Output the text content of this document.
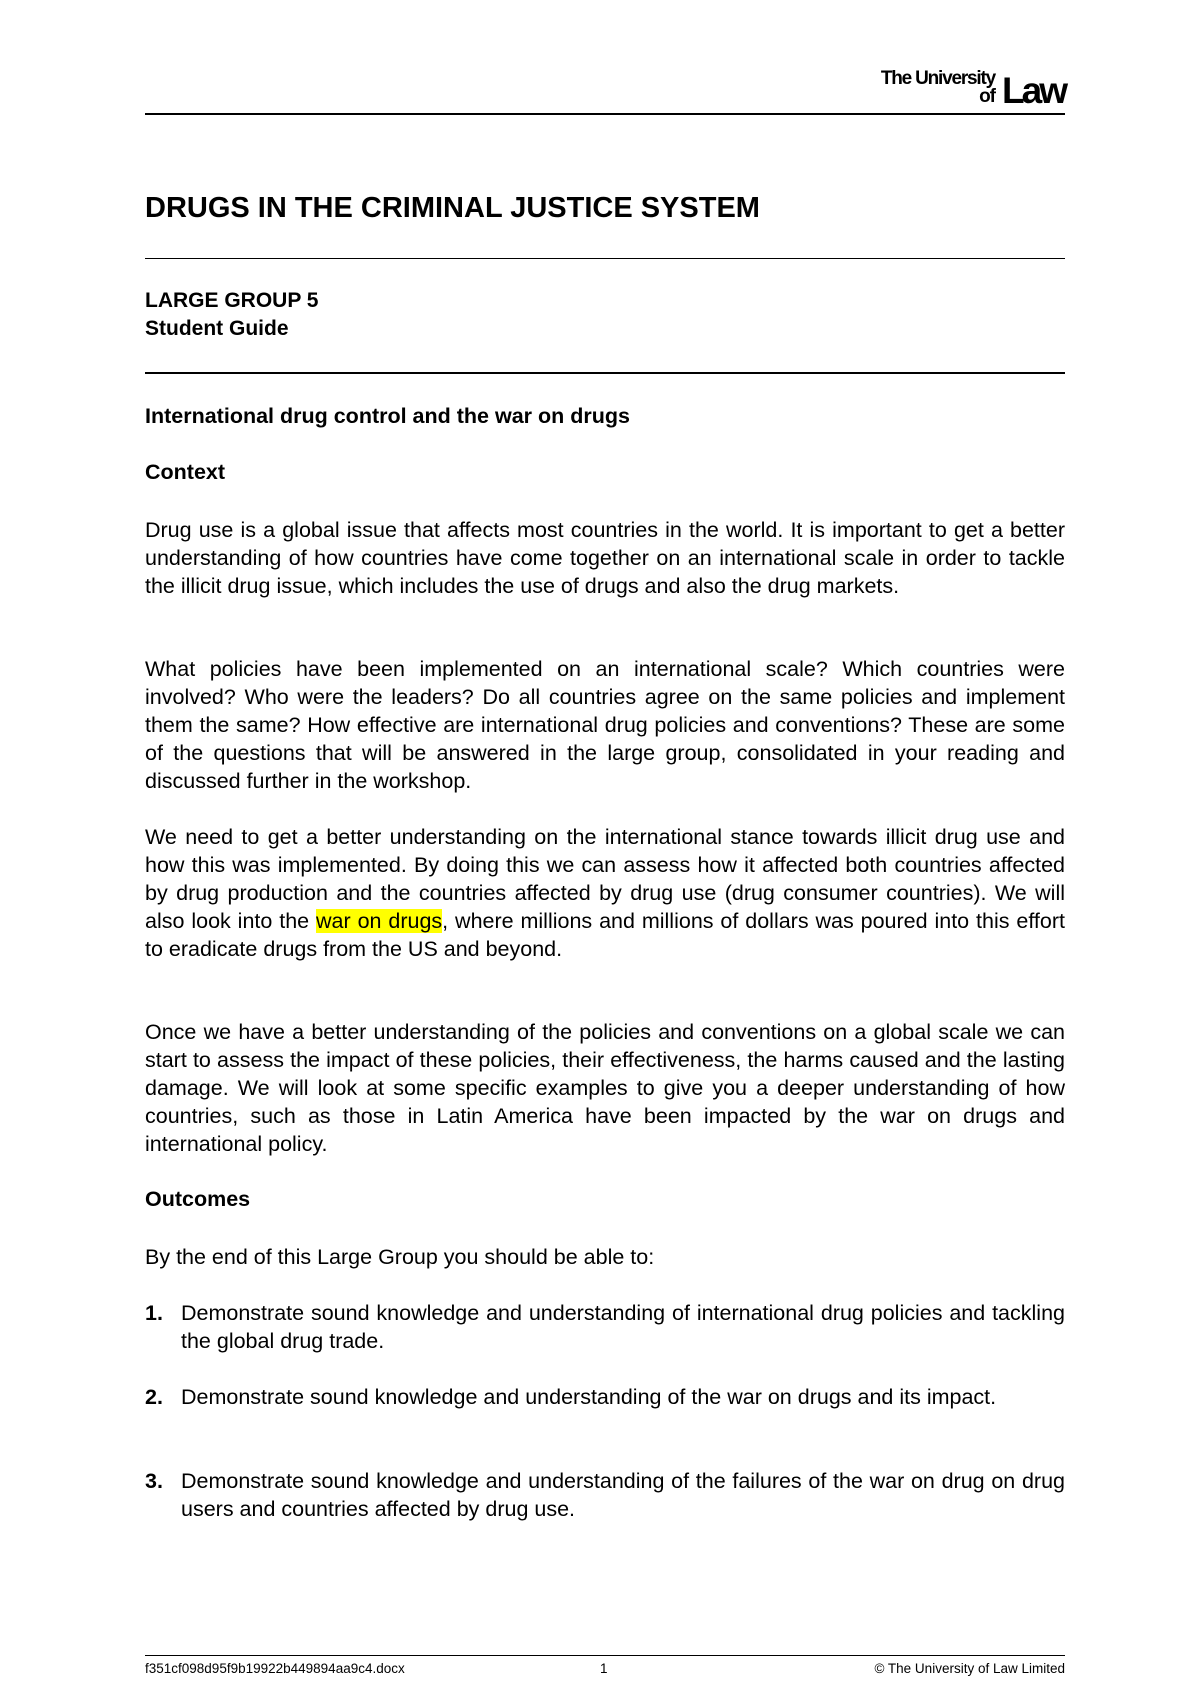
The University
of Law
DRUGS IN THE CRIMINAL JUSTICE SYSTEM
LARGE GROUP 5
Student Guide
International drug control and the war on drugs
Context

Drug use is a global issue that affects most countries in the world. It is important to get a better understanding of how countries have come together on an international scale in order to tackle the illicit drug issue, which includes the use of drugs and also the drug markets.

What policies have been implemented on an international scale? Which countries were involved? Who were the leaders? Do all countries agree on the same policies and implement them the same? How effective are international drug policies and conventions? These are some of the questions that will be answered in the large group, consolidated in your reading and discussed further in the workshop.

We need to get a better understanding on the international stance towards illicit drug use and how this was implemented. By doing this we can assess how it affected both countries affected by drug production and the countries affected by drug use (drug consumer countries). We will also look into the war on drugs, where millions and millions of dollars was poured into this effort to eradicate drugs from the US and beyond.

Once we have a better understanding of the policies and conventions on a global scale we can start to assess the impact of these policies, their effectiveness, the harms caused and the lasting damage. We will look at some specific examples to give you a deeper understanding of how countries, such as those in Latin America have been impacted by the war on drugs and international policy.

Outcomes

By the end of this Large Group you should be able to:

1. Demonstrate sound knowledge and understanding of international drug policies and tackling the global drug trade.

2. Demonstrate sound knowledge and understanding of the war on drugs and its impact.

3. Demonstrate sound knowledge and understanding of the failures of the war on drug on drug users and countries affected by drug use.

f351cf098d95f9b19922b449894aa9c4.docx	1	© The University of Law Limited
